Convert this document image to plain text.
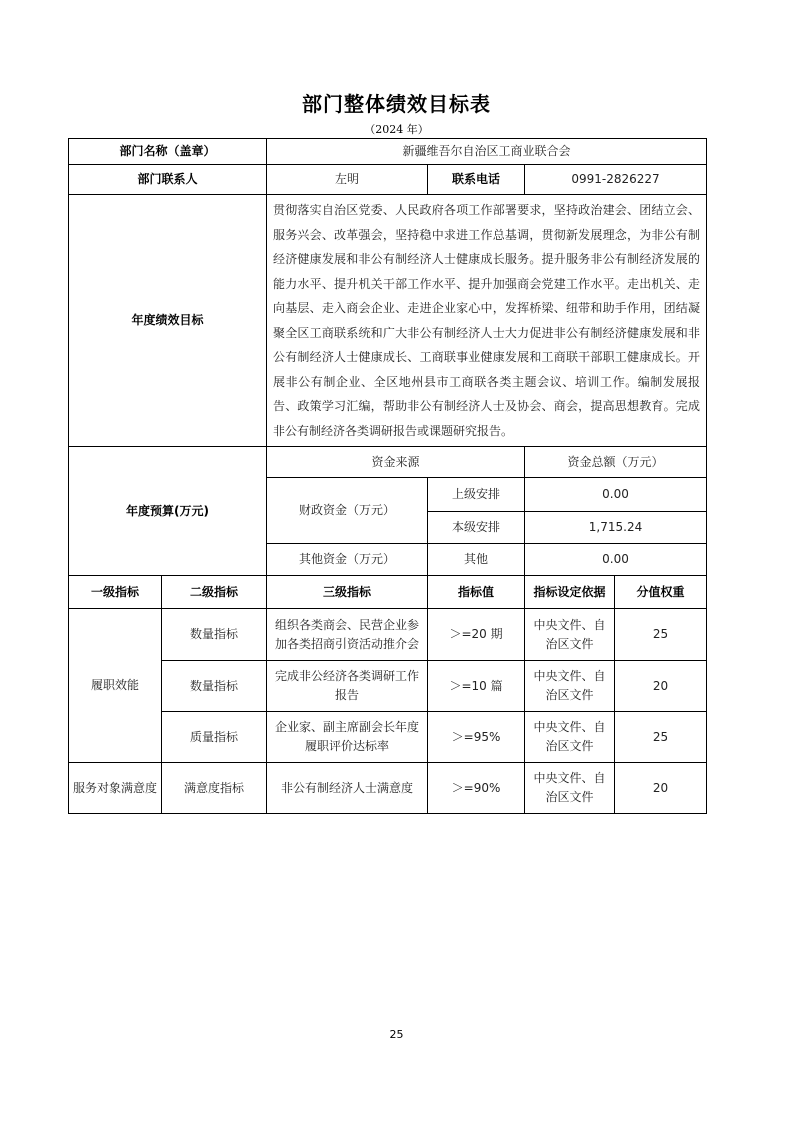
部门整体绩效目标表
（2024 年）
部门名称（盖章）		新疆维吾尔自治区工商业联合会			
部门联系人		左明	联系电话	0991-2826227	
年度绩效目标		贯彻落实自治区党委、人民政府各项工作部署要求，坚持政治建会、团结立会、服务兴会、改革强会，坚持稳中求进工作总基调，贯彻新发展理念，为非公有制经济健康发展和非公有制经济人士健康成长服务。提升服务非公有制经济发展的能力水平、提升机关干部工作水平、提升加强商会党建工作水平。走出机关、走向基层、走入商会企业、走进企业家心中，发挥桥梁、纽带和助手作用，团结凝聚全区工商联系统和广大非公有制经济人士大力促进非公有制经济健康发展和非公有制经济人士健康成长、工商联事业健康发展和工商联干部职工健康成长。开展非公有制企业、全区地州县市工商联各类主题会议、培训工作。编制发展报告、政策学习汇编，帮助非公有制经济人士及协会、商会，提高思想教育。完成非公有制经济各类调研报告或课题研究报告。			
年度预算(万元)		资金来源		资金总额（万元）	
		财政资金（万元）	上级安排	0.00	
			本级安排	1,715.24	
		其他资金（万元）	其他	0.00	
一级指标	二级指标	三级指标	指标值	指标设定依据	分值权重
履职效能	数量指标	组织各类商会、民营企业参加各类招商引资活动推介会	＞=20 期	中央文件、自治区文件	25
	数量指标	完成非公经济各类调研工作报告	＞=10 篇	中央文件、自治区文件	20
	质量指标	企业家、副主席副会长年度履职评价达标率	＞=95%	中央文件、自治区文件	25
服务对象满意度	满意度指标	非公有制经济人士满意度	＞=90%	中央文件、自治区文件	20
25
